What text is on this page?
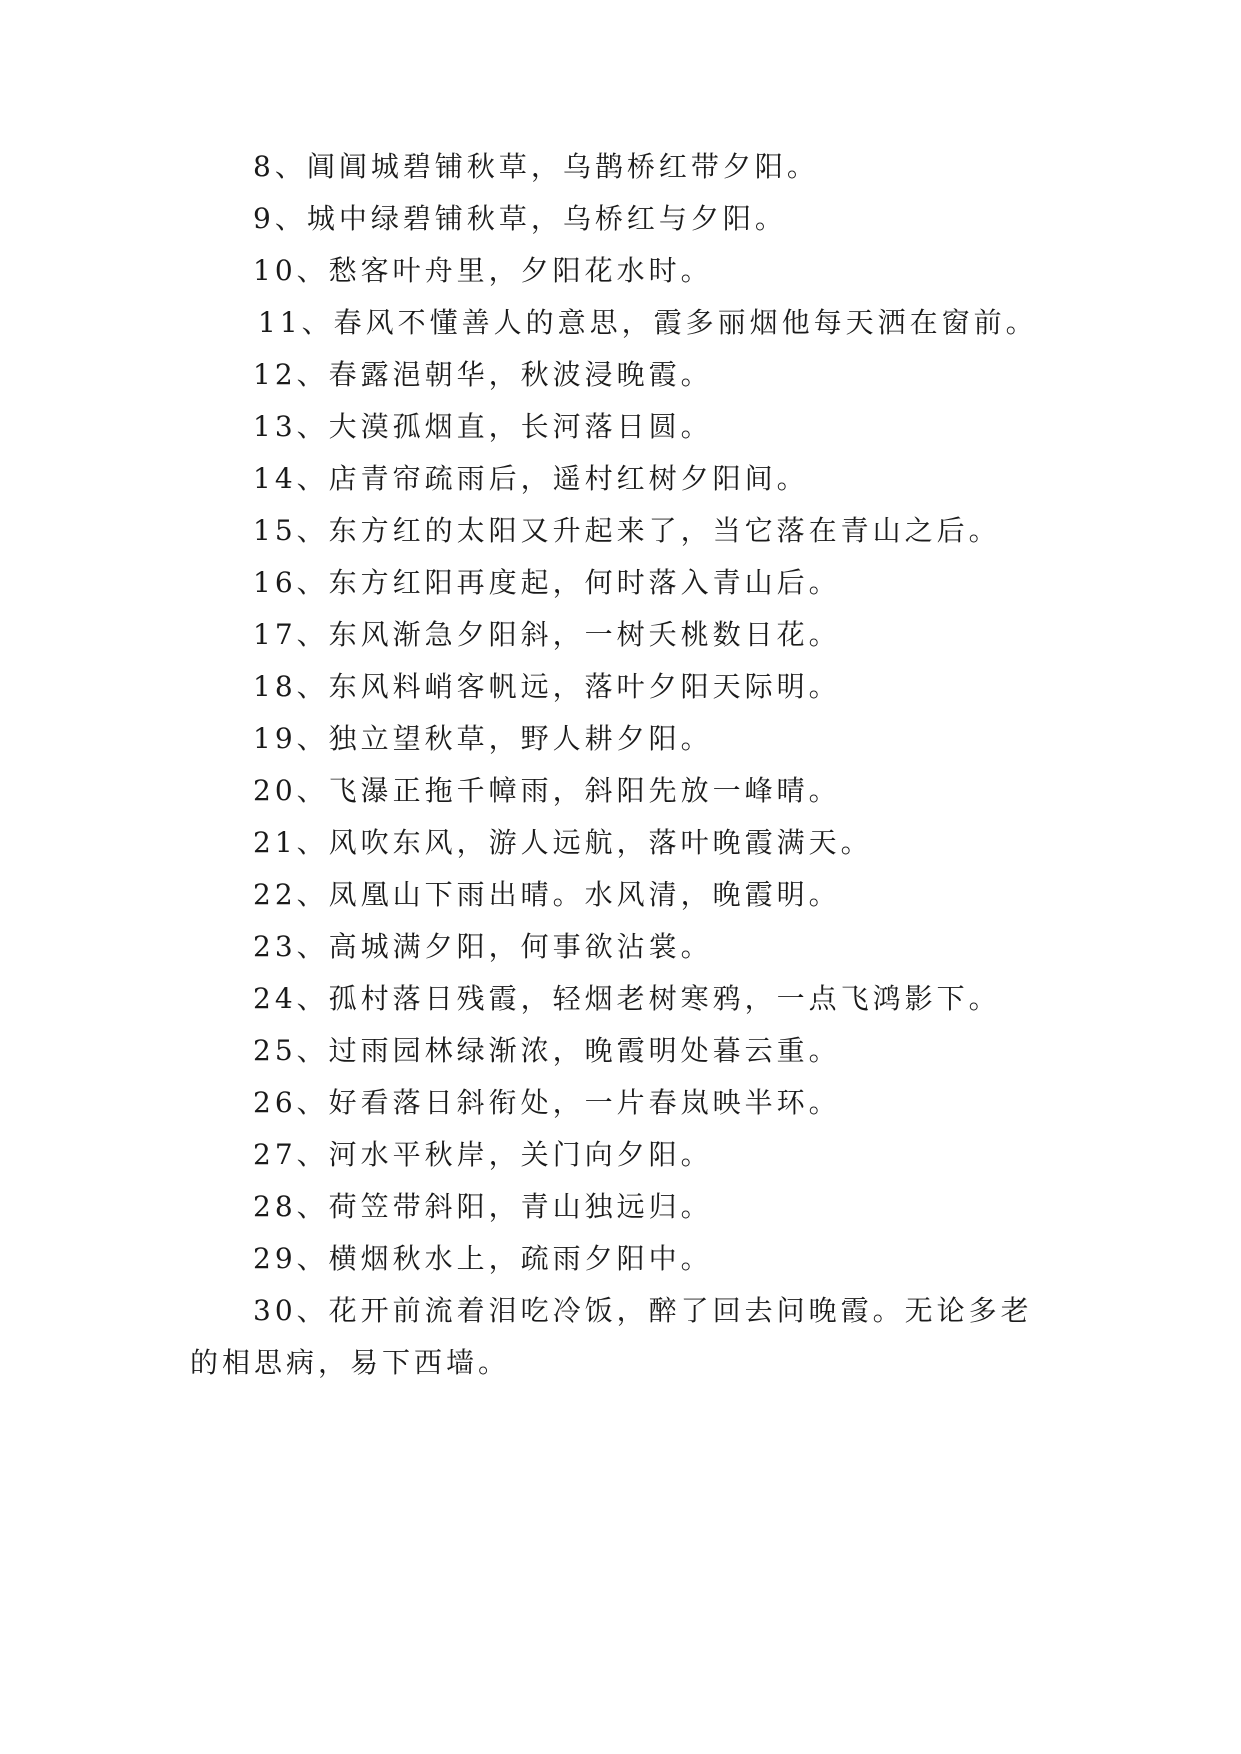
8、阊阊城碧铺秋草，乌鹊桥红带夕阳。
9、城中绿碧铺秋草，乌桥红与夕阳。
10、愁客叶舟里，夕阳花水时。
11、春风不懂善人的意思，霞多丽烟他每天洒在窗前。
12、春露浥朝华，秋波浸晚霞。
13、大漠孤烟直，长河落日圆。
14、店青帘疏雨后，遥村红树夕阳间。
15、东方红的太阳又升起来了，当它落在青山之后。
16、东方红阳再度起，何时落入青山后。
17、东风渐急夕阳斜，一树夭桃数日花。
18、东风料峭客帆远，落叶夕阳天际明。
19、独立望秋草，野人耕夕阳。
20、飞瀑正拖千幛雨，斜阳先放一峰晴。
21、风吹东风，游人远航，落叶晚霞满天。
22、凤凰山下雨出晴。水风清，晚霞明。
23、高城满夕阳，何事欲沾裳。
24、孤村落日残霞，轻烟老树寒鸦，一点飞鸿影下。
25、过雨园林绿渐浓，晚霞明处暮云重。
26、好看落日斜衔处，一片春岚映半环。
27、河水平秋岸，关门向夕阳。
28、荷笠带斜阳，青山独远归。
29、横烟秋水上，疏雨夕阳中。
30、花开前流着泪吃冷饭，醉了回去问晚霞。无论多老
的相思病，易下西墙。
